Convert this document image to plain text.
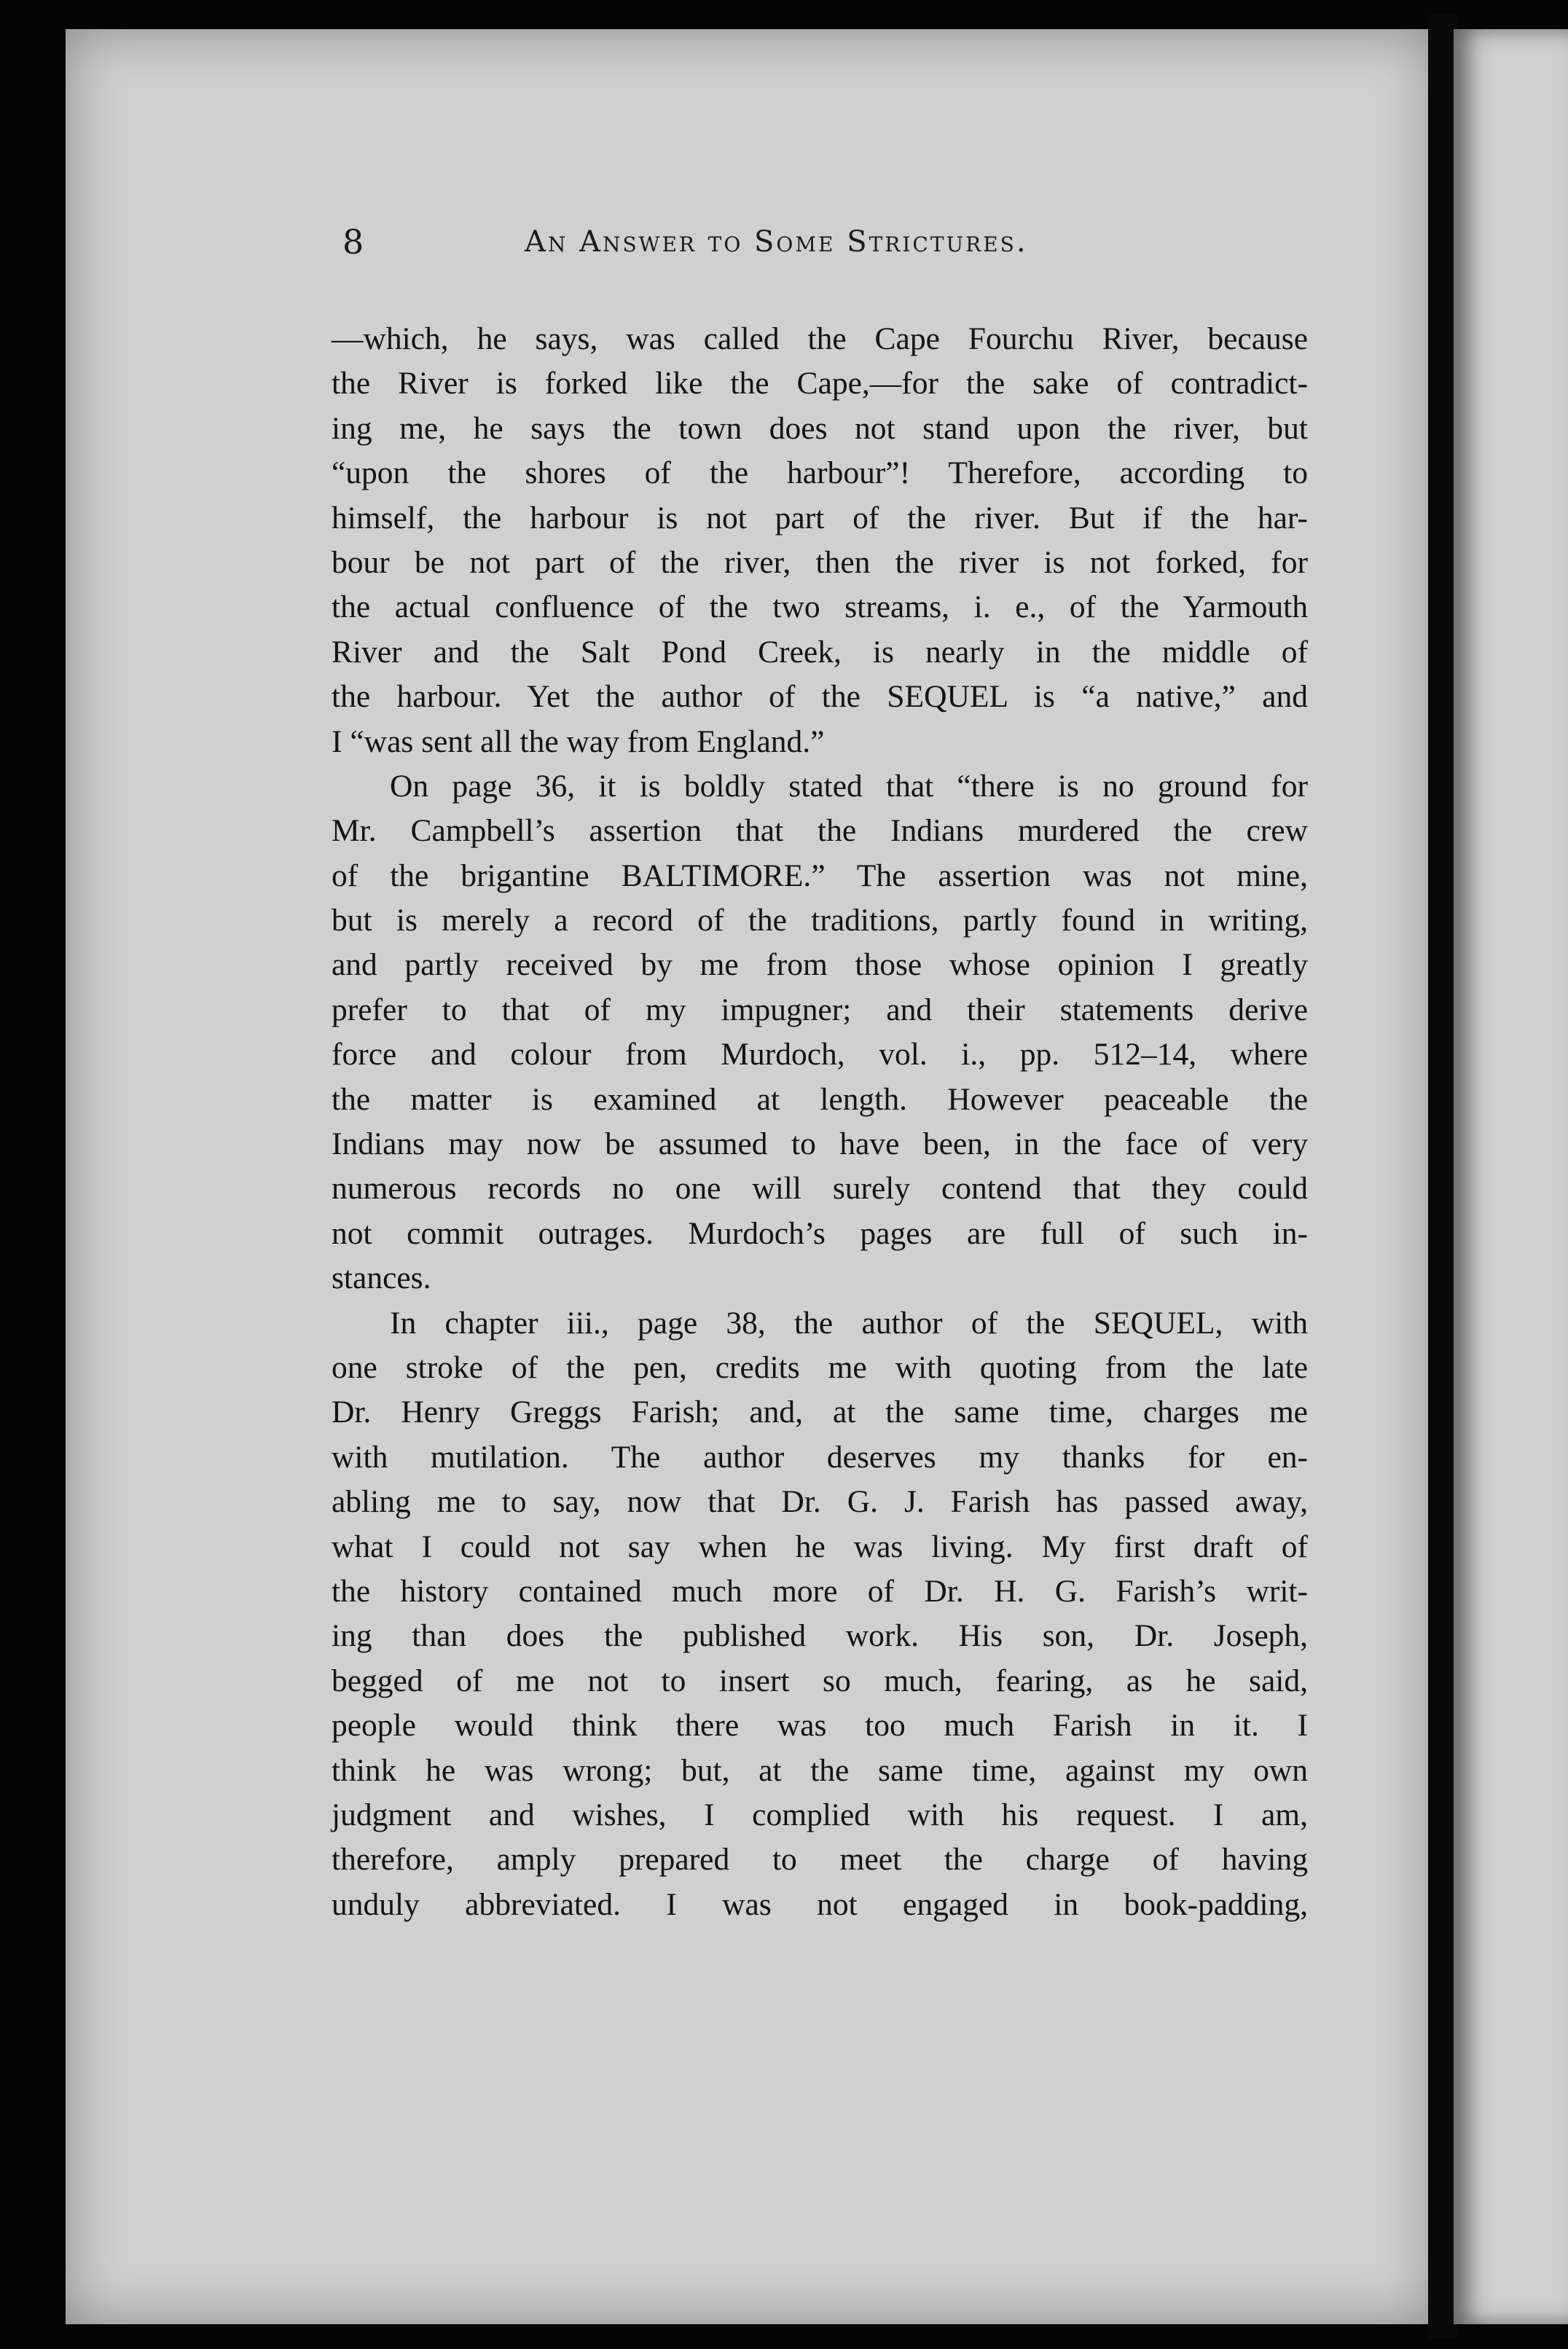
8	An Answer to Some Strictures.
—which, he says, was called the Cape Fourchu River, because
the River is forked like the Cape,—for the sake of contradict-
ing me, he says the town does not stand upon the river, but
“upon the shores of the harbour”! Therefore, according to
himself, the harbour is not part of the river. But if the har-
bour be not part of the river, then the river is not forked, for
the actual confluence of the two streams, i. e., of the Yarmouth
River and the Salt Pond Creek, is nearly in the middle of
the harbour. Yet the author of the SEQUEL is “a native,” and
I “was sent all the way from England.”
On page 36, it is boldly stated that “there is no ground for
Mr. Campbell’s assertion that the Indians murdered the crew
of the brigantine BALTIMORE.” The assertion was not mine,
but is merely a record of the traditions, partly found in writing,
and partly received by me from those whose opinion I greatly
prefer to that of my impugner; and their statements derive
force and colour from Murdoch, vol. i., pp. 512–14, where
the matter is examined at length. However peaceable the
Indians may now be assumed to have been, in the face of very
numerous records no one will surely contend that they could
not commit outrages. Murdoch’s pages are full of such in-
stances.
In chapter iii., page 38, the author of the SEQUEL, with
one stroke of the pen, credits me with quoting from the late
Dr. Henry Greggs Farish; and, at the same time, charges me
with mutilation. The author deserves my thanks for en-
abling me to say, now that Dr. G. J. Farish has passed away,
what I could not say when he was living. My first draft of
the history contained much more of Dr. H. G. Farish’s writ-
ing than does the published work. His son, Dr. Joseph,
begged of me not to insert so much, fearing, as he said,
people would think there was too much Farish in it. I
think he was wrong; but, at the same time, against my own
judgment and wishes, I complied with his request. I am,
therefore, amply prepared to meet the charge of having
unduly abbreviated. I was not engaged in book-padding,
